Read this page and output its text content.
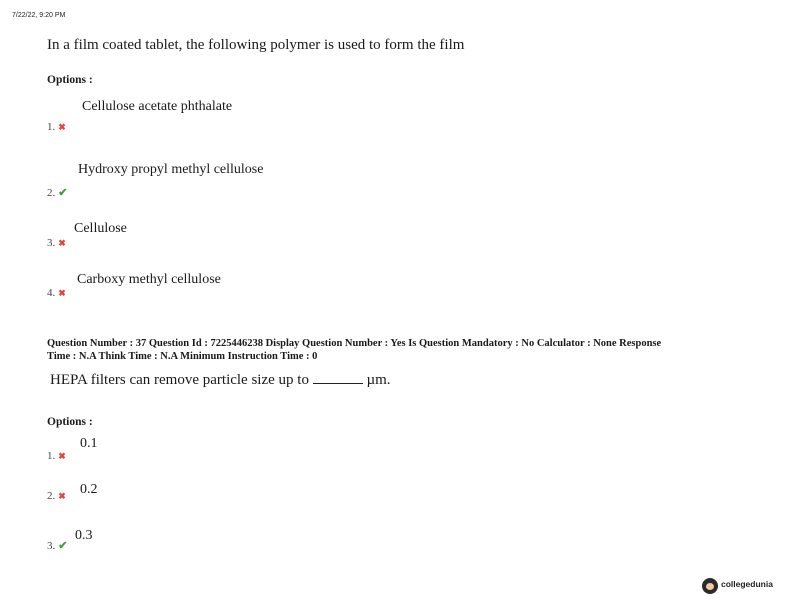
7/22/22, 9:20 PM
In a film coated tablet, the following polymer is used to form the film
Options :
Cellulose acetate phthalate
1. ✖
Hydroxy propyl methyl cellulose
2. ✔
Cellulose
3. ✖
Carboxy methyl cellulose
4. ✖
Question Number : 37 Question Id : 7225446238 Display Question Number : Yes Is Question Mandatory : No Calculator : None Response
Time : N.A Think Time : N.A Minimum Instruction Time : 0
HEPA filters can remove particle size up to	µm.
Options :
0.1
1. ✖
0.2
2. ✖
0.3
3. ✔
collegedunia
